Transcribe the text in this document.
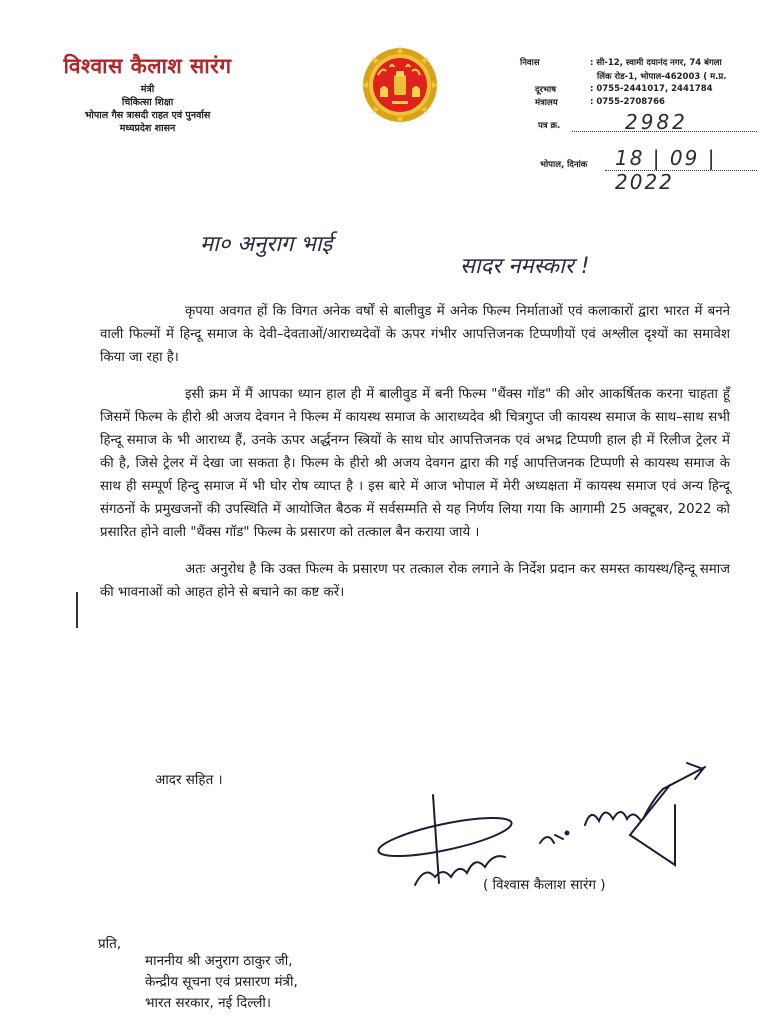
विश्वास कैलाश सारंग
मंत्री
चिकित्सा शिक्षा
भोपाल गैस त्रासदी राहत एवं पुनर्वास
मध्यप्रदेश शासन
निवास	: सी-12, स्वामी दयानंद नगर, 74 बंगला
लिंक रोड-1, भोपाल-462003 ( म.प्र.
दूरभाष	: 0755-2441017, 2441784
मंत्रालय	: 0755-2708766
पत्र क्र.	2982
भोपाल, दिनांक 18 | 09 | 2022
मा० अनुराग भाई
सादर नमस्कार !

कृपया अवगत हों कि विगत अनेक वर्षों से बालीवुड में अनेक फिल्म निर्माताओं एवं कलाकारों द्वारा भारत में बनने वाली फिल्मों में हिन्दू समाज के देवी–देवताओं/आराध्यदेवों के ऊपर गंभीर आपत्तिजनक टिप्पणीयों एवं अश्लील दृश्यों का समावेश किया जा रहा है।

इसी क्रम में मैं आपका ध्यान हाल ही में बालीवुड में बनी फिल्म "थैंक्स गॉड" की ओर आकर्षितक करना चाहता हूँ जिसमें फिल्म के हीरो श्री अजय देवगन ने फिल्म में कायस्थ समाज के आराध्यदेव श्री चित्रगुप्त जी कायस्थ समाज के साथ–साथ सभी हिन्दू समाज के भी आराध्य हैं, उनके ऊपर अर्द्धनग्न स्त्रियों के साथ घोर आपत्तिजनक एवं अभद्र टिप्पणी हाल ही में रिलीज ट्रेलर में की है, जिसे ट्रेलर में देखा जा सकता है। फिल्म के हीरो श्री अजय देवगन द्वारा की गई आपत्तिजनक टिप्पणी से कायस्थ समाज के साथ ही सम्पूर्ण हिन्दु समाज में भी घोर रोष व्याप्त है । इस बारे में आज भोपाल में मेरी अध्यक्षता में कायस्थ समाज एवं अन्य हिन्दू संगठनों के प्रमुखजनों की उपस्थिति में आयोजित बैठक में सर्वसम्मति से यह निर्णय लिया गया कि आगामी 25 अक्टूबर, 2022 को प्रसारित होने वाली "थैंक्स गॉड" फिल्म के प्रसारण को तत्काल बैन कराया जाये ।

अतः अनुरोध है कि उक्त फिल्म के प्रसारण पर तत्काल रोक लगाने के निर्देश प्रदान कर समस्त कायस्थ/हिन्दू समाज की भावनाओं को आहत होने से बचाने का कष्ट करें।

आदर सहित ।
( विश्वास कैलाश सारंग )
प्रति,
माननीय श्री अनुराग ठाकुर जी,
केन्द्रीय सूचना एवं प्रसारण मंत्री,
भारत सरकार, नई दिल्ली।
